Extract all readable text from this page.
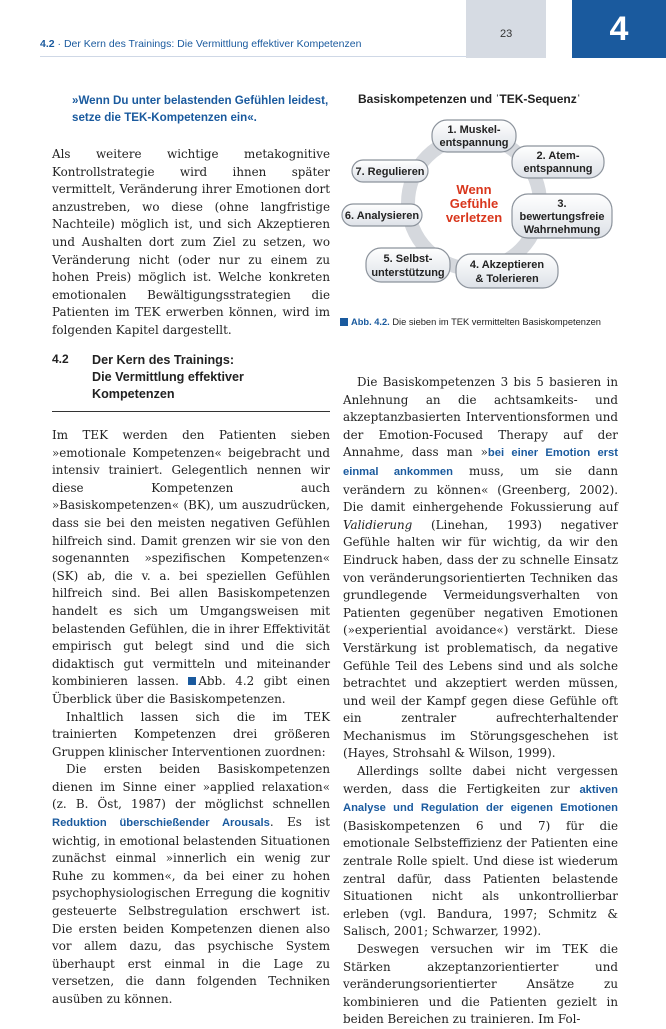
4.2 · Der Kern des Trainings: Die Vermittlung effektiver Kompetenzen
23	4
»Wenn Du unter belastenden Gefühlen leidest,
setze die TEK-Kompetenzen ein«.

Als weitere wichtige metakognitive Kontrollstrategie wird ihnen später vermittelt, Veränderung ihrer Emotionen dort anzustreben, wo diese (ohne langfristige Nachteile) möglich ist, und sich Akzeptieren und Aushalten dort zum Ziel zu setzen, wo Veränderung nicht (oder nur zu einem zu hohen Preis) möglich ist. Welche konkreten emotionalen Bewältigungsstrategien die Patienten im TEK erwerben können, wird im folgenden Kapitel dargestellt.

Basiskompetenzen und ˈTEK-Sequenzˈ
Wenn
Gefühle
verletzen
1. Muskel-
entspannung
2. Atem-
entspannung
3.
bewertungsfreie
Wahrnehmung
4. Akzeptieren
& Tolerieren
5. Selbst-
unterstützung
6. Analysieren
7. Regulieren
Abb. 4.2. Die sieben im TEK vermittelten Basiskompetenzen
4.2 Der Kern des Trainings:
Die Vermittlung effektiver
Kompetenzen

Im TEK werden den Patienten sieben »emotionale Kompetenzen« beigebracht und intensiv trainiert. Gelegentlich nennen wir diese Kompetenzen auch »Basiskompetenzen« (BK), um auszudrücken, dass sie bei den meisten negativen Gefühlen hilfreich sind. Damit grenzen wir sie von den sogenannten »spezifischen Kompetenzen« (SK) ab, die v. a. bei speziellen Gefühlen hilfreich sind. Bei allen Basiskompetenzen handelt es sich um Umgangsweisen mit belastenden Gefühlen, die in ihrer Effektivität empirisch gut belegt sind und die sich didaktisch gut vermitteln und miteinander kombinieren lassen. Abb. 4.2 gibt einen Überblick über die Basiskompetenzen.

Inhaltlich lassen sich die im TEK trainierten Kompetenzen drei größeren Gruppen klinischer Interventionen zuordnen:

Die ersten beiden Basiskompetenzen dienen im Sinne einer »applied relaxation« (z. B. Öst, 1987) der möglichst schnellen Reduktion überschießender Arousals. Es ist wichtig, in emotional belastenden Situationen zunächst einmal »innerlich ein wenig zur Ruhe zu kommen«, da bei einer zu hohen psychophysiologischen Erregung die kognitiv gesteuerte Selbstregulation erschwert ist. Die ersten beiden Kompetenzen dienen also vor allem dazu, das psychische System überhaupt erst einmal in die Lage zu versetzen, die dann folgenden Techniken ausüben zu können.

Die Basiskompetenzen 3 bis 5 basieren in Anlehnung an die achtsamkeits- und akzeptanzbasierten Interventionsformen und der Emotion-Focused Therapy auf der Annahme, dass man »bei einer Emotion erst einmal ankommen muss, um sie dann verändern zu können« (Greenberg, 2002). Die damit einhergehende Fokussierung auf Validierung (Linehan, 1993) negativer Gefühle halten wir für wichtig, da wir den Eindruck haben, dass der zu schnelle Einsatz von veränderungsorientierten Techniken das grundlegende Vermeidungsverhalten von Patienten gegenüber negativen Emotionen (»experiential avoidance«) verstärkt. Diese Verstärkung ist problematisch, da negative Gefühle Teil des Lebens sind und als solche betrachtet und akzeptiert werden müssen, und weil der Kampf gegen diese Gefühle oft ein zentraler aufrechterhaltender Mechanismus im Störungsgeschehen ist (Hayes, Strohsahl & Wilson, 1999).

Allerdings sollte dabei nicht vergessen werden, dass die Fertigkeiten zur aktiven Analyse und Regulation der eigenen Emotionen (Basiskompetenzen 6 und 7) für die emotionale Selbsteffizienz der Patienten eine zentrale Rolle spielt. Und diese ist wiederum zentral dafür, dass Patienten belastende Situationen nicht als unkontrollierbar erleben (vgl. Bandura, 1997; Schmitz & Salisch, 2001; Schwarzer, 1992).

Deswegen versuchen wir im TEK die Stärken akzeptanzorientierter und veränderungsorientierter Ansätze zu kombinieren und die Patienten gezielt in beiden Bereichen zu trainieren. Im Fol-
